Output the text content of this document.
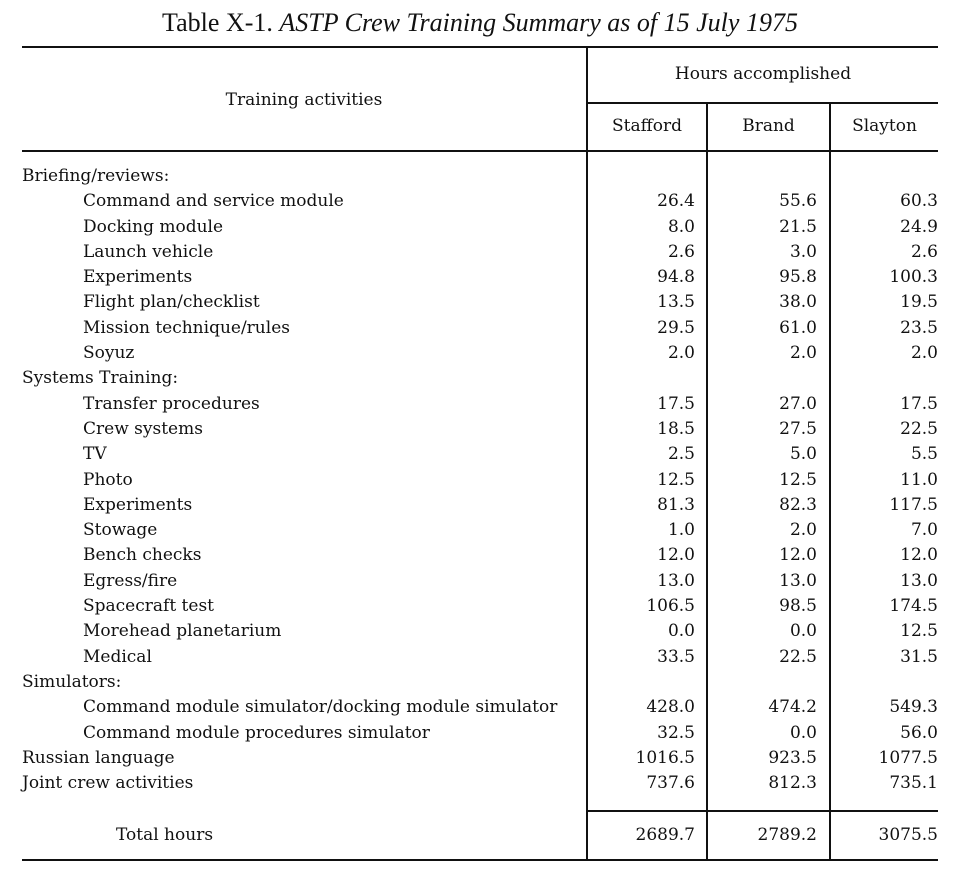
Table X-1. ASTP Crew Training Summary as of 15 July 1975
Training activities
Hours accomplished
Stafford	Brand	Slayton
Briefing/reviews:
Command and service module	26.4	55.6	60.3
Docking module	8.0	21.5	24.9
Launch vehicle	2.6	3.0	2.6
Experiments	94.8	95.8	100.3
Flight plan/checklist	13.5	38.0	19.5
Mission technique/rules	29.5	61.0	23.5
Soyuz	2.0	2.0	2.0
Systems Training:
Transfer procedures	17.5	27.0	17.5
Crew systems	18.5	27.5	22.5
TV	2.5	5.0	5.5
Photo	12.5	12.5	11.0
Experiments	81.3	82.3	117.5
Stowage	1.0	2.0	7.0
Bench checks	12.0	12.0	12.0
Egress/fire	13.0	13.0	13.0
Spacecraft test	106.5	98.5	174.5
Morehead planetarium	0.0	0.0	12.5
Medical	33.5	22.5	31.5
Simulators:
Command module simulator/docking module simulator	428.0	474.2	549.3
Command module procedures simulator	32.5	0.0	56.0
Russian language	1016.5	923.5	1077.5
Joint crew activities	737.6	812.3	735.1
Total hours	2689.7	2789.2	3075.5
